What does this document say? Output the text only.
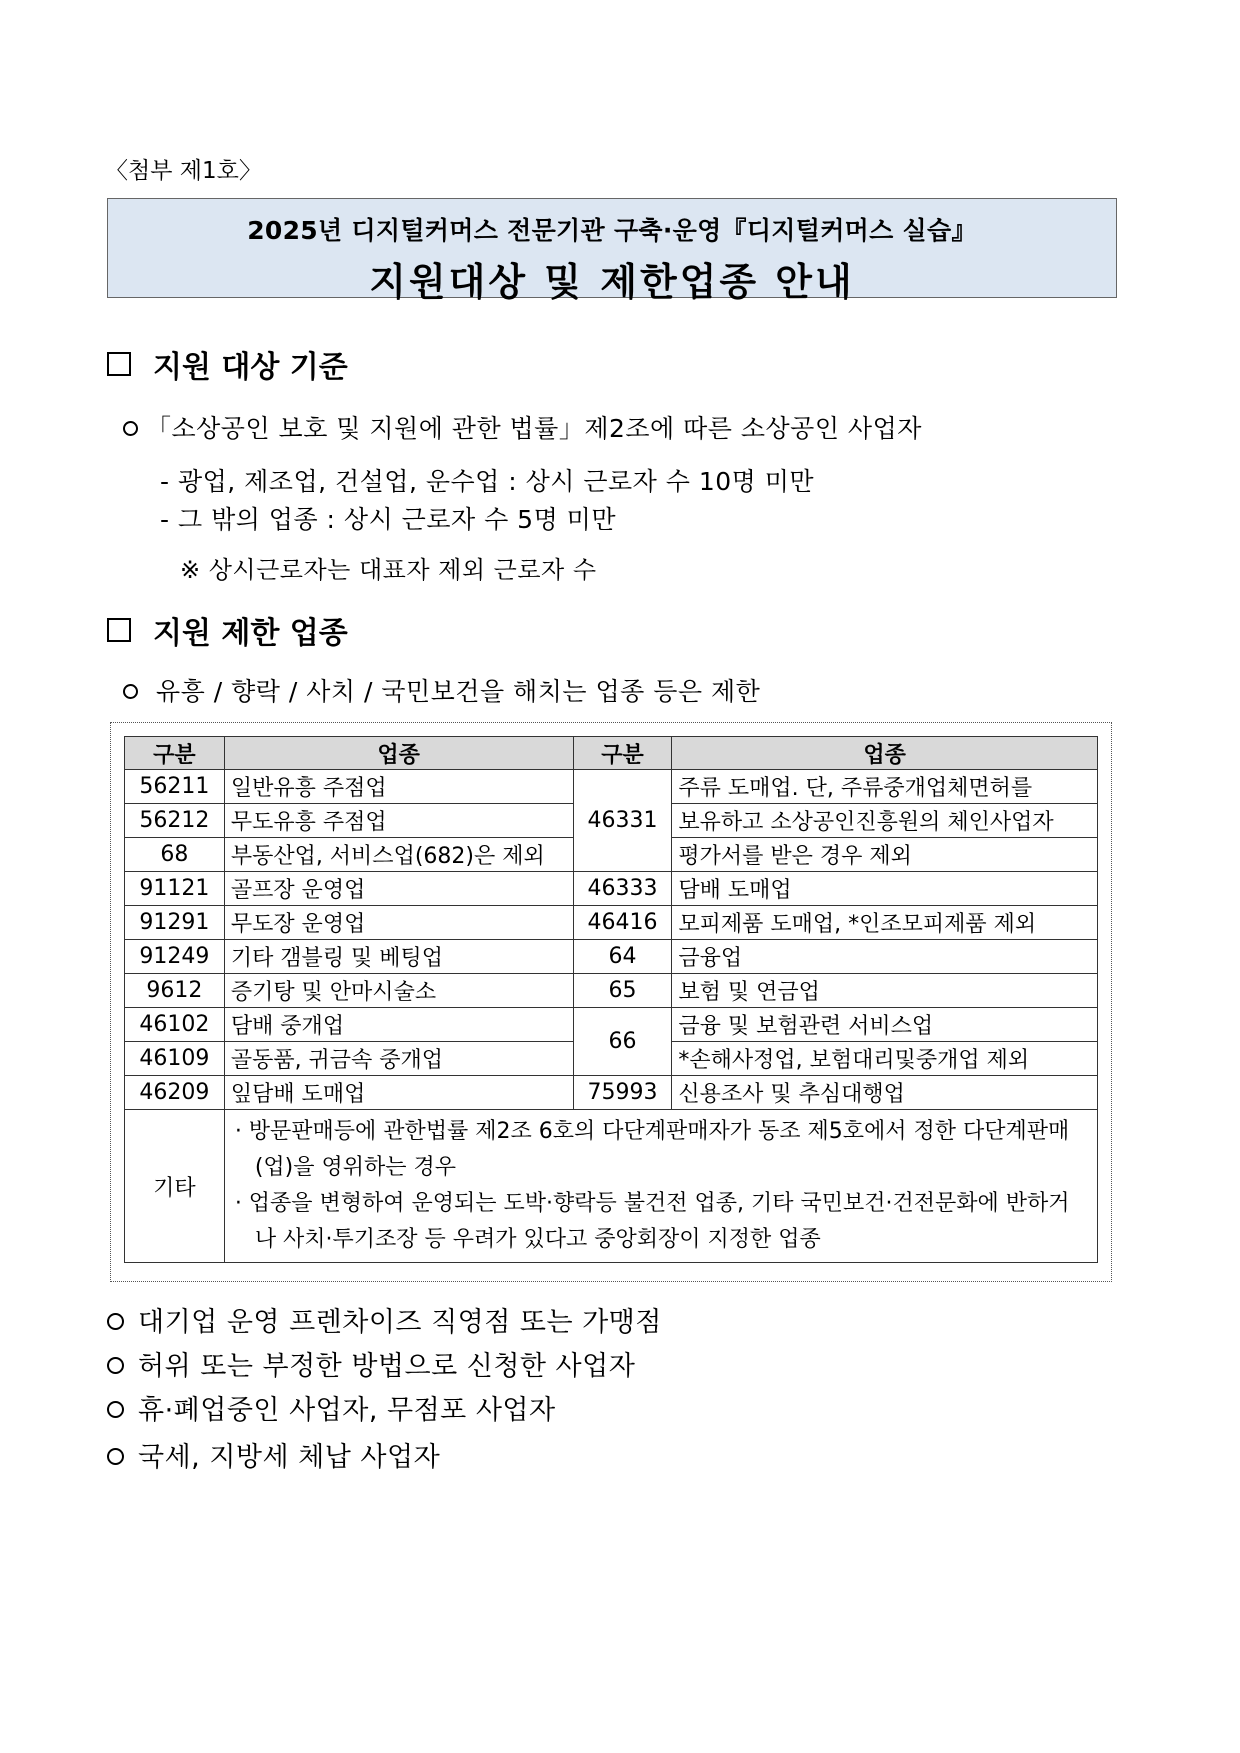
〈첨부 제1호〉
2025년 디지털커머스 전문기관 구축·운영『디지털커머스 실습』
지원대상 및 제한업종 안내
지원 대상 기준
「소상공인 보호 및 지원에 관한 법률」제2조에 따른 소상공인 사업자
- 광업, 제조업, 건설업, 운수업 : 상시 근로자 수 10명 미만
- 그 밖의 업종 : 상시 근로자 수 5명 미만
※ 상시근로자는 대표자 제외 근로자 수
지원 제한 업종
유흥 / 향락 / 사치 / 국민보건을 해치는 업종 등은 제한
구분	업종	구분	업종
56211	일반유흥 주점업	46331	주류 도매업. 단, 주류중개업체면허를
56212	무도유흥 주점업		보유하고 소상공인진흥원의 체인사업자
68	부동산업, 서비스업(682)은 제외		평가서를 받은 경우 제외
91121	골프장 운영업	46333	담배 도매업
91291	무도장 운영업	46416	모피제품 도매업, *인조모피제품 제외
91249	기타 갬블링 및 베팅업	64	금융업
9612	증기탕 및 안마시술소	65	보험 및 연금업
46102	담배 중개업	66	금융 및 보험관련 서비스업
46109	골동품, 귀금속 중개업		*손해사정업, 보험대리및중개업 제외
46209	잎담배 도매업	75993	신용조사 및 추심대행업
기타	· 방문판매등에 관한법률 제2조 6호의 다단계판매자가 동조 제5호에서 정한 다단계판매(업)을 영위하는 경우
· 업종을 변형하여 운영되는 도박·향락등 불건전 업종, 기타 국민보건·건전문화에 반하거나 사치·투기조장 등 우려가 있다고 중앙회장이 지정한 업종		
대기업 운영 프렌차이즈 직영점 또는 가맹점
허위 또는 부정한 방법으로 신청한 사업자
휴·폐업중인 사업자, 무점포 사업자
국세, 지방세 체납 사업자
